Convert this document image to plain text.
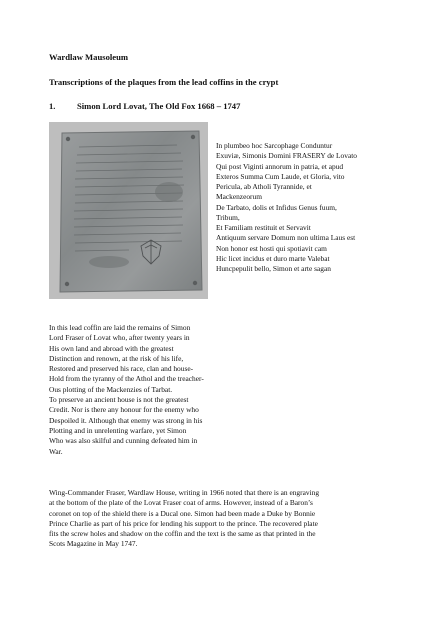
Wardlaw Mausoleum

Transcriptions of the plaques from the lead coffins in the crypt

1.	Simon Lord Lovat, The Old Fox 1668 – 1747

In plumbeo hoc Sarcophage Conduntur
Exuviæ, Simonis Domini FRASERY de Lovato
Qui post Viginti annorum in patria, et apud
Exteros Summa Cum Laude, et Gloria, vito
Pericula, ab Atholi Tyrannide, et
Mackenzeorum
De Tarbato, dolis et Infidus Genus fuum,
Tribum,
Et Familiam restituit et Servavit
Antiquum servare Domum non ultima Laus est
Non honor est hosti qui spotiavit cam
Hic licet incidus et duro marte Valebat
Huncpepulit bello, Simon et arte sagan
In this lead coffin are laid the remains of Simon
Lord Fraser of Lovat who, after twenty years in
His own land and abroad with the greatest
Distinction and renown, at the risk of his life,
Restored and preserved his race, clan and house-
Hold from the tyranny of the Athol and the treacher-
Ous plotting of the Mackenzies of Tarbat.
To preserve an ancient house is not the greatest
Credit. Nor is there any honour for the enemy who
Despoiled it. Although that enemy was strong in his
Plotting and in unrelenting warfare, yet Simon
Who was also skilful and cunning defeated him in
War.
Wing-Commander Fraser, Wardlaw House, writing in 1966 noted that there is an engraving
at the bottom of the plate of the Lovat Fraser coat of arms. However, instead of a Baron’s
coronet on top of the shield there is a Ducal one. Simon had been made a Duke by Bonnie
Prince Charlie as part of his price for lending his support to the prince. The recovered plate
fits the screw holes and shadow on the coffin and the text is the same as that printed in the
Scots Magazine in May 1747.
